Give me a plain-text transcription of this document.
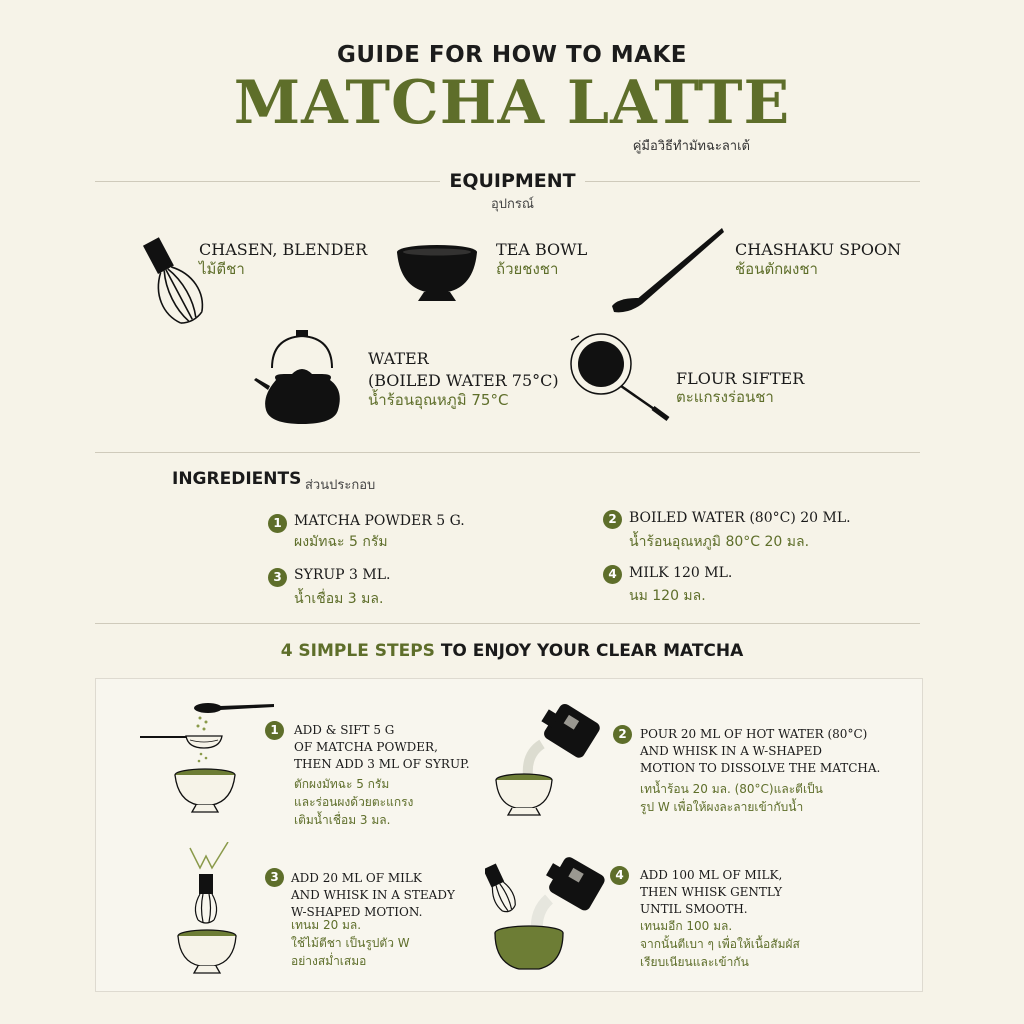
GUIDE FOR HOW TO MAKE
MATCHA LATTE
คู่มือวิธีทำมัทฉะลาเต้
EQUIPMENT
อุปกรณ์
CHASEN, BLENDER
ไม้ตีชา
TEA BOWL
ถ้วยชงชา
CHASHAKU SPOON
ช้อนตักผงชา
WATER
(BOILED WATER 75°C)
น้ำร้อนอุณหภูมิ 75°C
FLOUR SIFTER
ตะแกรงร่อนชา
INGREDIENTS ส่วนประกอบ
1 MATCHA POWDER 5 G.
ผงมัทฉะ 5 กรัม
2 BOILED WATER (80°C) 20 ML.
น้ำร้อนอุณหภูมิ 80°C 20 มล.
3 SYRUP 3 ML.
น้ำเชื่อม 3 มล.
4 MILK 120 ML.
นม 120 มล.
4 SIMPLE STEPS TO ENJOY YOUR CLEAR MATCHA
1	ADD & SIFT 5 G
OF MATCHA POWDER,
THEN ADD 3 ML OF SYRUP.
ตักผงมัทฉะ 5 กรัม
และร่อนผงด้วยตะแกรง
เติมน้ำเชื่อม 3 มล.
2	POUR 20 ML OF HOT WATER (80°C)
AND WHISK IN A W-SHAPED
MOTION TO DISSOLVE THE MATCHA.
เทน้ำร้อน 20 มล. (80°C)และตีเป็น
รูป W เพื่อให้ผงละลายเข้ากับน้ำ
3	ADD 20 ML OF MILK
AND WHISK IN A STEADY
W-SHAPED MOTION.
เทนม 20 มล.
ใช้ไม้ตีชา เป็นรูปตัว W
อย่างสม่ำเสมอ
4	ADD 100 ML OF MILK,
THEN WHISK GENTLY
UNTIL SMOOTH.
เทนมอีก 100 มล.
จากนั้นตีเบา ๆ เพื่อให้เนื้อสัมผัส
เรียบเนียนและเข้ากัน
